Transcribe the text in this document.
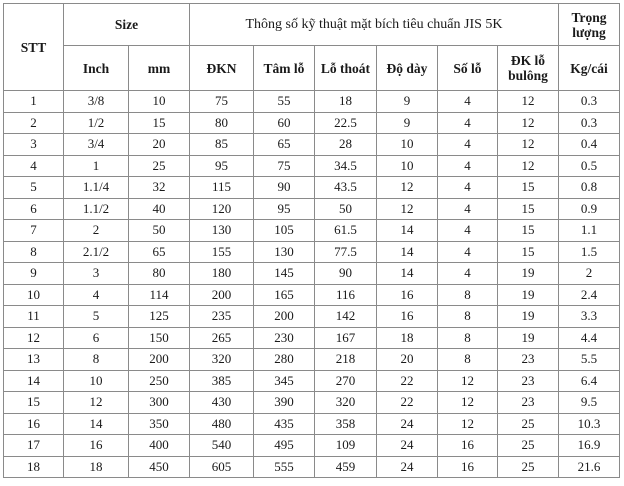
STT	Size		Thông số kỹ thuật mặt bích tiêu chuẩn JIS 5K						Trọng lượng
	Inch	mm	ĐKN	Tâm lỗ	Lỗ thoát	Độ dày	Số lỗ	ĐK lỗ bulông	Kg/cái
1	3/8	10	75	55	18	9	4	12	0.3
2	1/2	15	80	60	22.5	9	4	12	0.3
3	3/4	20	85	65	28	10	4	12	0.4
4	1	25	95	75	34.5	10	4	12	0.5
5	1.1/4	32	115	90	43.5	12	4	15	0.8
6	1.1/2	40	120	95	50	12	4	15	0.9
7	2	50	130	105	61.5	14	4	15	1.1
8	2.1/2	65	155	130	77.5	14	4	15	1.5
9	3	80	180	145	90	14	4	19	2
10	4	114	200	165	116	16	8	19	2.4
11	5	125	235	200	142	16	8	19	3.3
12	6	150	265	230	167	18	8	19	4.4
13	8	200	320	280	218	20	8	23	5.5
14	10	250	385	345	270	22	12	23	6.4
15	12	300	430	390	320	22	12	23	9.5
16	14	350	480	435	358	24	12	25	10.3
17	16	400	540	495	109	24	16	25	16.9
18	18	450	605	555	459	24	16	25	21.6
